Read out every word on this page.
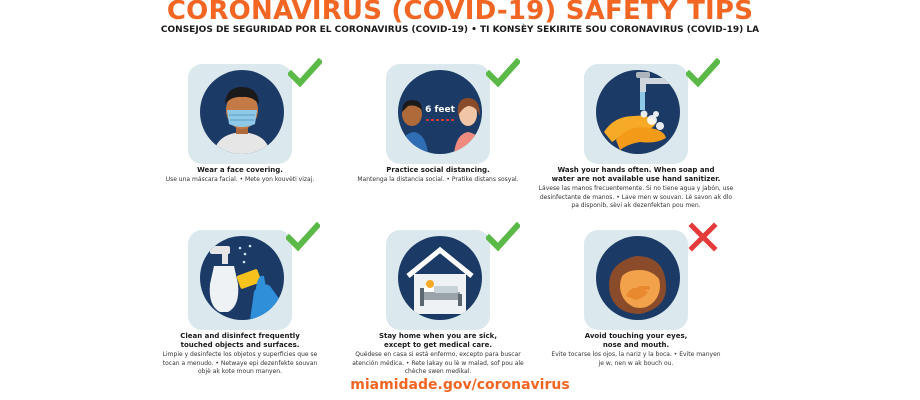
CORONAVIRUS (COVID-19) SAFETY TIPS
CONSEJOS DE SEGURIDAD POR EL CORONAVIRUS (COVID-19) • TI KONSÈY SEKIRITE SOU CORONAVIRUS (COVID-19) LA
Wear a face covering.
Use una máscara facial. • Mete yon kouvèti vizaj.
6 feet
Practice social distancing.
Mantenga la distancia social. • Pratike distans sosyal.
Wash your hands often. When soap and
water are not available use hand sanitizer.
Lávese las manos frecuentemente. Si no tiene agua y jabón, use
desinfectante de manos. • Lave men w souvan. Lè savon ak dlo
pa disponib, sèvi ak dezenfektan pou men.
Clean and disinfect frequently
touched objects and surfaces.
Limpie y desinfecte los objetos y superficies que se
tocan a menudo. • Netwaye epi dezenfekte souvan
objè ak kote moun manyen.
Stay home when you are sick,
except to get medical care.
Quédese en casa si está enfermo, excepto para buscar
atención médica. • Rete lakay ou lè w malad, sof pou ale
chèche swen medikal.
Avoid touching your eyes,
nose and mouth.
Evite tocarse los ojos, la nariz y la boca. • Evite manyen
je w, nen w ak bouch ou.
miamidade.gov/coronavirus
